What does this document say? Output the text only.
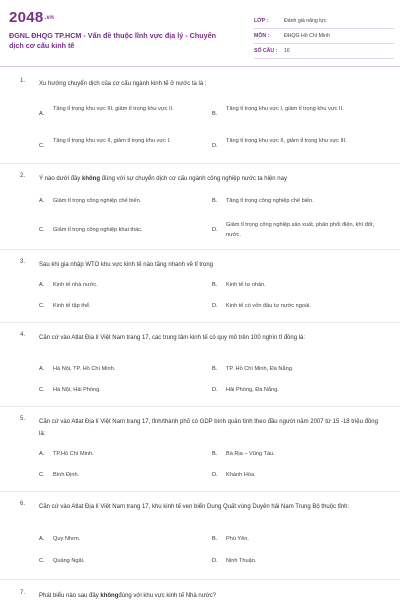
$2048^{.vn}$
ĐGNL ĐHQG TP.HCM - Vấn đề thuộc lĩnh vực địa lý - Chuyển dịch cơ cấu kinh tế
LỚP :	Đánh giá năng lực
MÔN :	ĐHQG Hồ Chí Minh
SỐ CÂU :	16
1. Xu hướng chuyển dịch của cơ cấu ngành kinh tế ở nước ta là :
A.
Tăng tỉ trọng khu vực III, giảm tỉ trọng khu vực II.
B.
Tăng tỉ trọng khu vực I, giảm tỉ trọng khu vực II.
C.
Tăng tỉ trọng khu vực II, giảm tỉ trọng khu vực I.
D.
Tăng tỉ trọng khu vực II, giảm tỉ trọng khu vực III.
2. Ý nào dưới đây không đúng với sự chuyển dịch cơ cấu ngành công nghiệp nước ta hiện nay
A.	Giảm tỉ trọng công nghiệp chế biến.	B.	Tăng tỉ trọng công nghiệp chế biến.
C.	Giảm tỉ trọng công nghiệp khai thác.	D.
Giảm tỉ trọng công nghiệp sản xuất, phân phối điện, khí đốt, nước.
3. Sau khi gia nhập WTO khu vực kinh tế nào tăng nhanh về tỉ trọng
A.	Kinh tế nhà nước.	B.	Kinh tế tư nhân.
C.	Kinh tế tập thể.	D.	Kinh tế có vốn đầu tư nước ngoài.
4. Căn cứ vào Atlat Địa lí Việt Nam trang 17, các trung tâm kinh tế có quy mô trên 100 nghìn tỉ đồng là:
A.	Hà Nội, TP. Hồ Chí Minh.	B.	TP. Hồ Chí Minh, Đà Nẵng.
C.	Hà Nội, Hải Phòng.	D.	Hải Phòng, Đà Nẵng.
5. Căn cứ vào Atlat Địa lí Việt Nam trang 17, tỉnh/thành phố có GDP bình quân tính theo đầu người năm 2007 từ 15 -18 triệu đồng là:
A.	TP.Hồ Chí Minh.	B.	Bà Rịa – Vũng Tàu.
C.	Bình Định.	D.	Khánh Hòa.
6. Căn cứ vào Atlat Địa lí Việt Nam trang 17, khu kinh tế ven biển Dung Quất vùng Duyên hải Nam Trung Bộ thuộc tỉnh:
A.	Quy Nhơn.	B.	Phú Yên.
C.	Quảng Ngãi.	D.	Ninh Thuận.
7. Phát biểu nào sau đây khôngđúng với khu vực kinh tế Nhà nước?
